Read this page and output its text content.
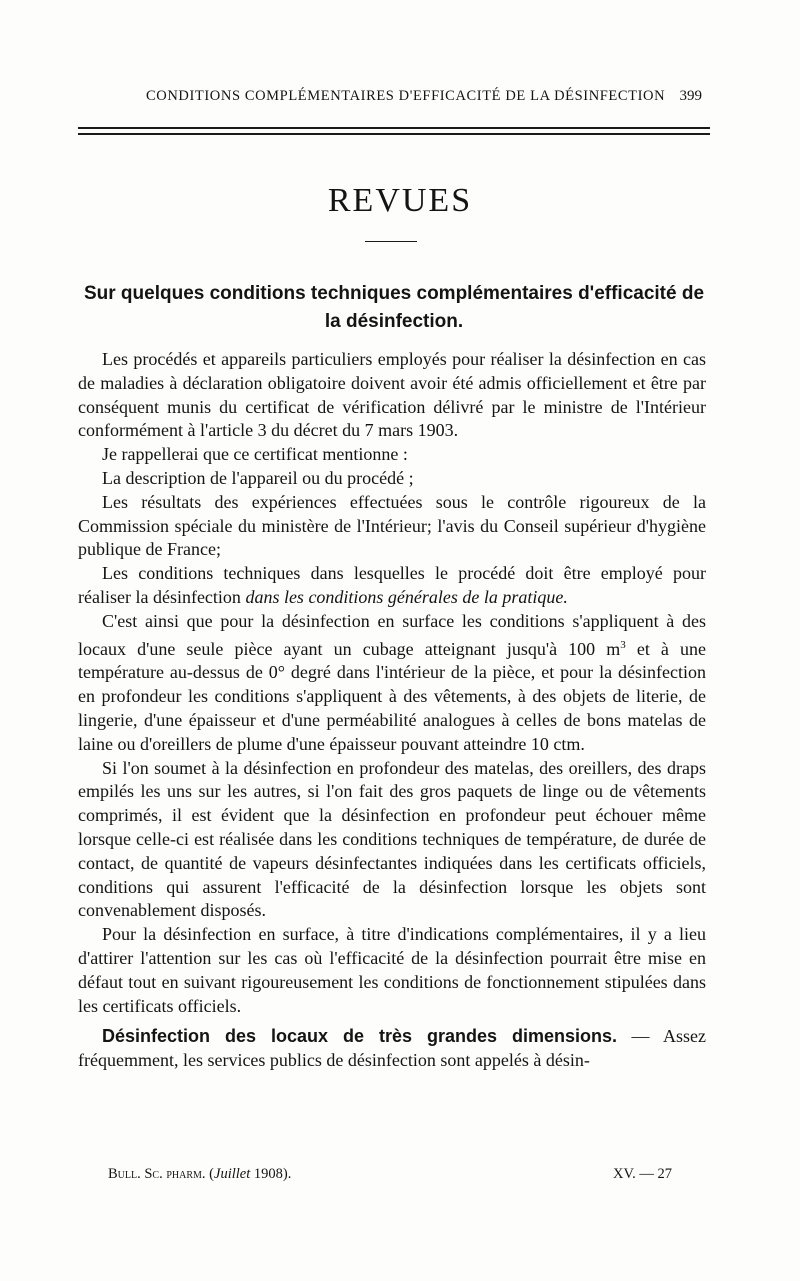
CONDITIONS COMPLÉMENTAIRES D'EFFICACITÉ DE LA DÉSINFECTION 399
REVUES
Sur quelques conditions techniques complémentaires d'efficacité de la désinfection.

Les procédés et appareils particuliers employés pour réaliser la désinfection en cas de maladies à déclaration obligatoire doivent avoir été admis officiellement et être par conséquent munis du certificat de vérification délivré par le ministre de l'Intérieur conformément à l'article 3 du décret du 7 mars 1903.

Je rappellerai que ce certificat mentionne :

La description de l'appareil ou du procédé ;

Les résultats des expériences effectuées sous le contrôle rigoureux de la Commission spéciale du ministère de l'Intérieur; l'avis du Conseil supérieur d'hygiène publique de France;

Les conditions techniques dans lesquelles le procédé doit être employé pour réaliser la désinfection dans les conditions générales de la pratique.

C'est ainsi que pour la désinfection en surface les conditions s'appliquent à des locaux d'une seule pièce ayant un cubage atteignant jusqu'à 100 $m^3$ et à une température au-dessus de 0° degré dans l'intérieur de la pièce, et pour la désinfection en profondeur les conditions s'appliquent à des vêtements, à des objets de literie, de lingerie, d'une épaisseur et d'une perméabilité analogues à celles de bons matelas de laine ou d'oreillers de plume d'une épaisseur pouvant atteindre 10 ctm.

Si l'on soumet à la désinfection en profondeur des matelas, des oreillers, des draps empilés les uns sur les autres, si l'on fait des gros paquets de linge ou de vêtements comprimés, il est évident que la désinfection en profondeur peut échouer même lorsque celle-ci est réalisée dans les conditions techniques de température, de durée de contact, de quantité de vapeurs désinfectantes indiquées dans les certificats officiels, conditions qui assurent l'efficacité de la désinfection lorsque les objets sont convenablement disposés.

Pour la désinfection en surface, à titre d'indications complémentaires, il y a lieu d'attirer l'attention sur les cas où l'efficacité de la désinfection pourrait être mise en défaut tout en suivant rigoureusement les conditions de fonctionnement stipulées dans les certificats officiels.

Désinfection des locaux de très grandes dimensions. — Assez fréquemment, les services publics de désinfection sont appelés à désin-

Bull. Sc. pharm. (Juillet 1908).	XV. — 27
